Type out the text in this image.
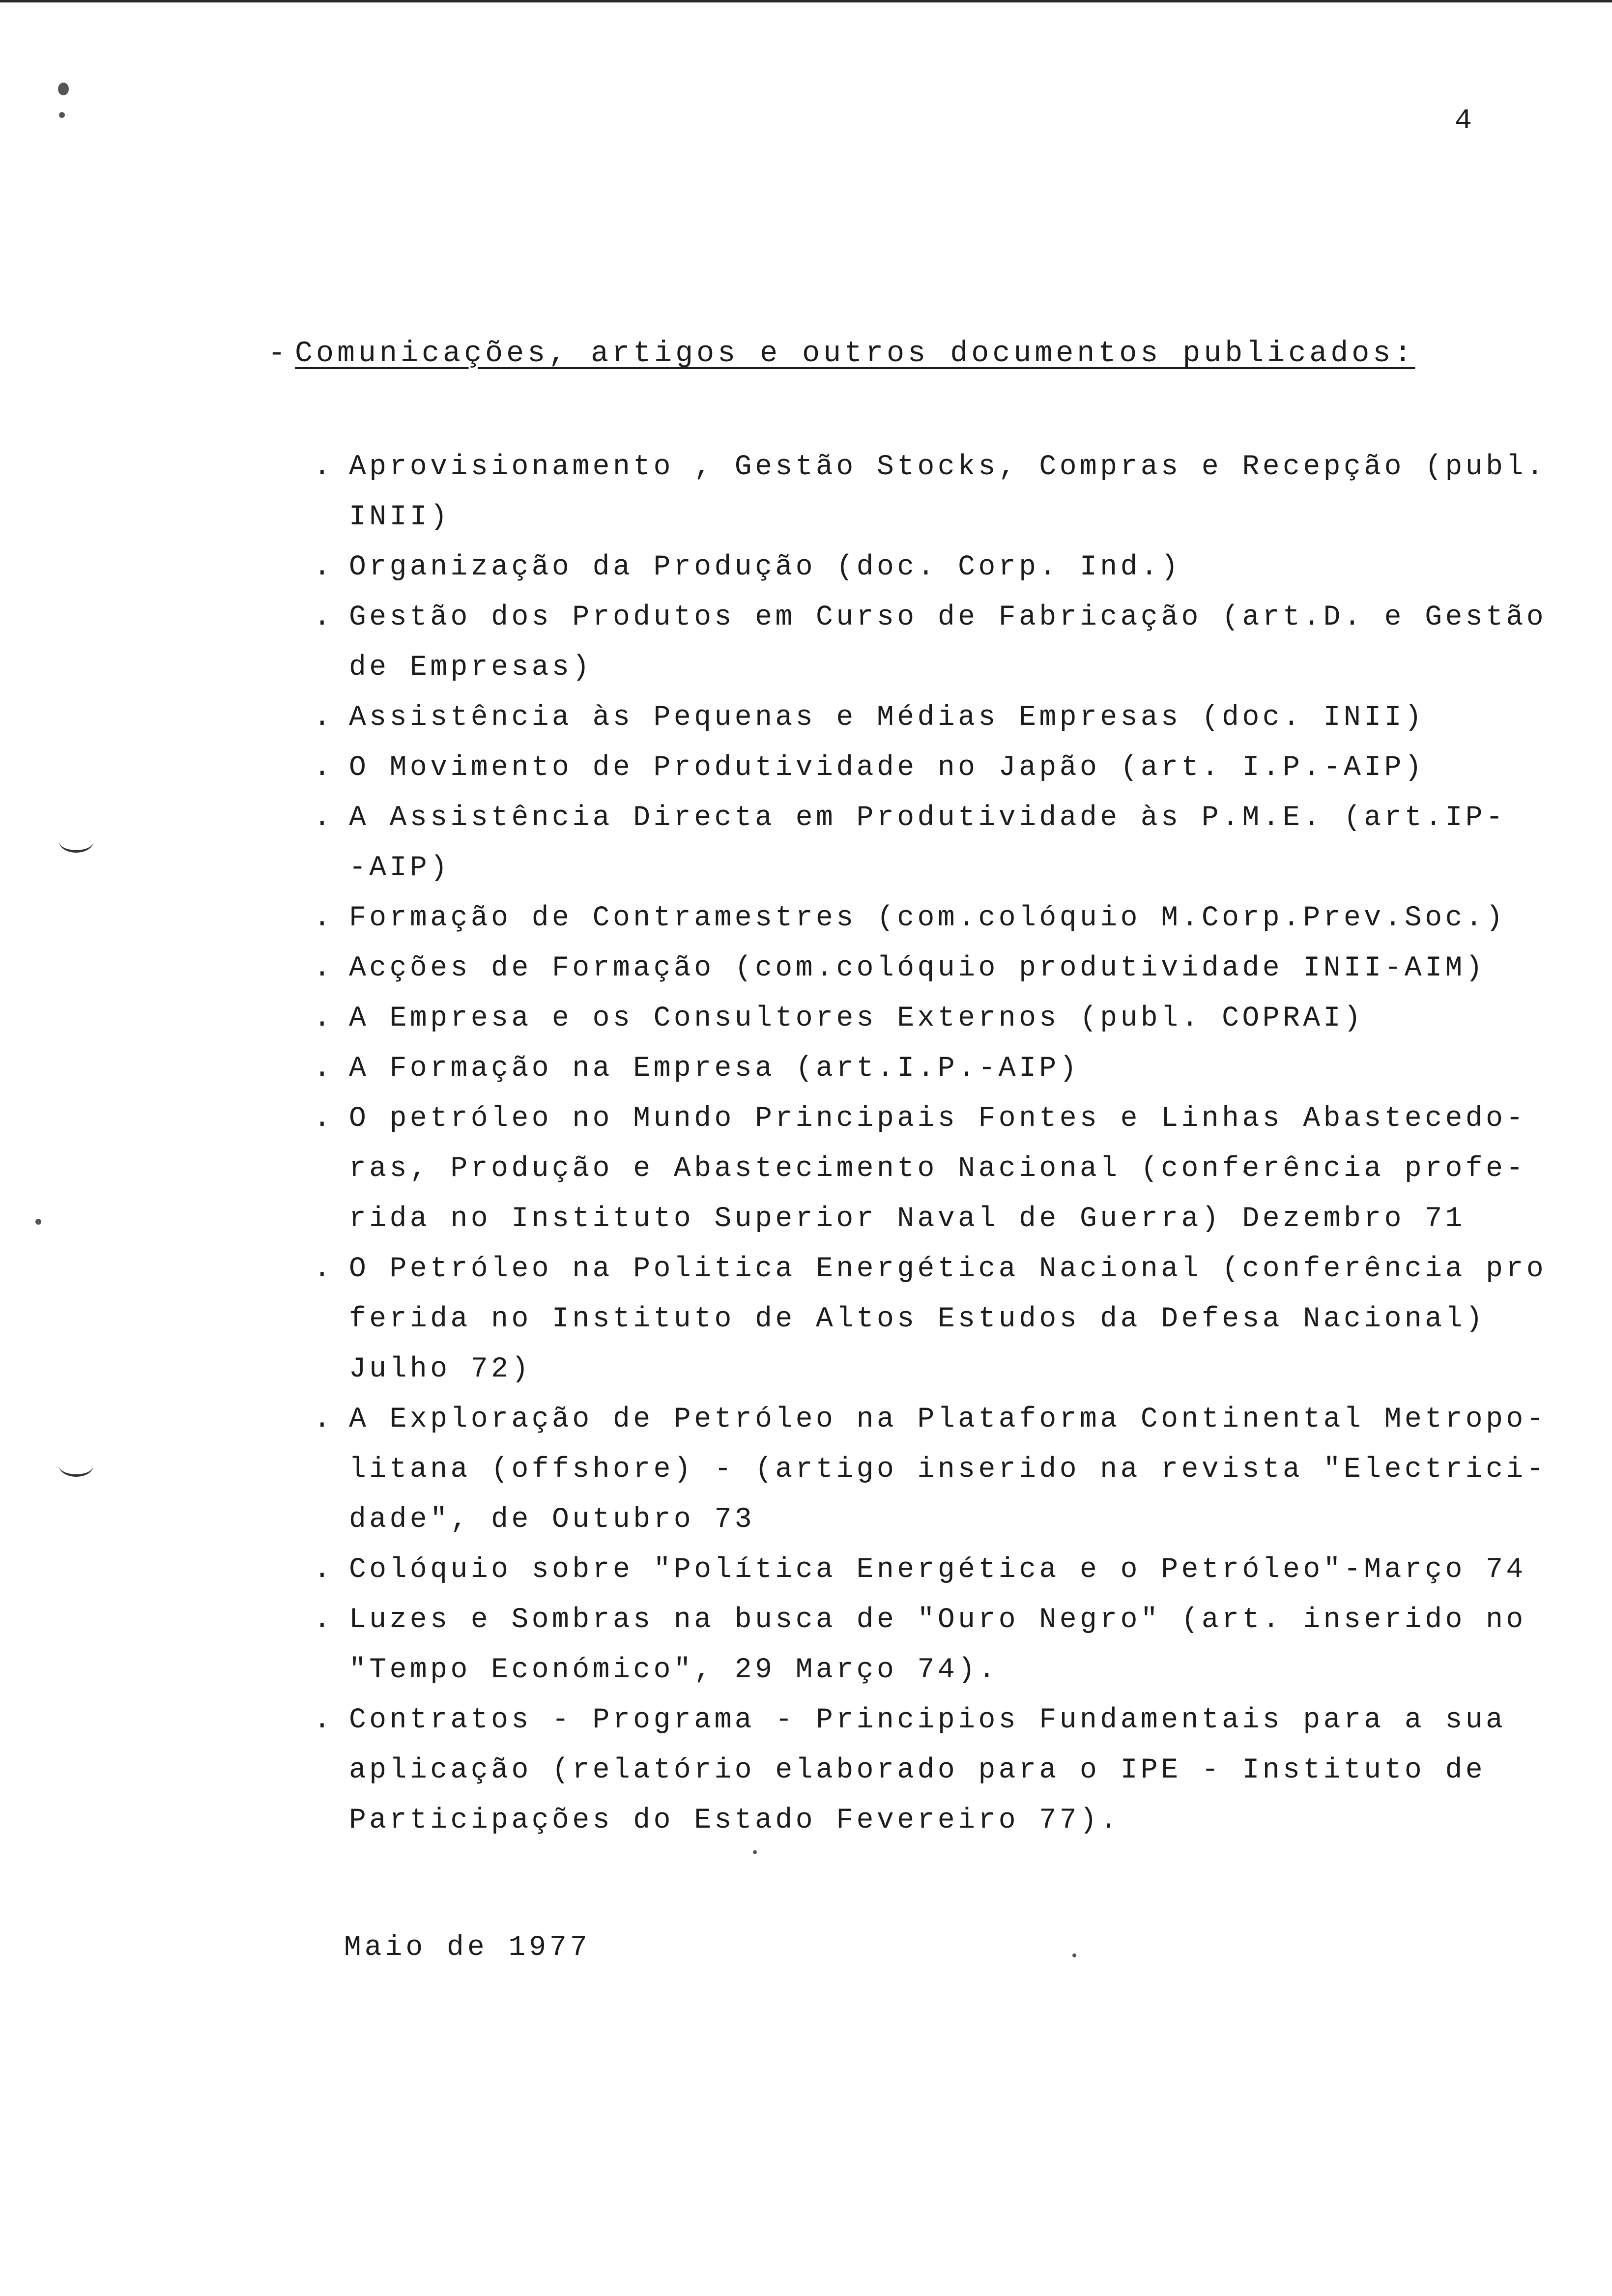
4
- Comunicações, artigos e outros documentos publicados:
. Aprovisionamento , Gestão Stocks, Compras e Recepção (publ.
INII)
. Organização da Produção (doc. Corp. Ind.)
. Gestão dos Produtos em Curso de Fabricação (art.D. e Gestão
de Empresas)
. Assistência às Pequenas e Médias Empresas (doc. INII)
. O Movimento de Produtividade no Japão (art. I.P.-AIP)
. A Assistência Directa em Produtividade às P.M.E. (art.IP-
-AIP)
. Formação de Contramestres (com.colóquio M.Corp.Prev.Soc.)
. Acções de Formação (com.colóquio produtividade INII-AIM)
. A Empresa e os Consultores Externos (publ. COPRAI)
. A Formação na Empresa (art.I.P.-AIP)
. O petróleo no Mundo Principais Fontes e Linhas Abastecedo-
ras, Produção e Abastecimento Nacional (conferência profe-
rida no Instituto Superior Naval de Guerra) Dezembro 71
. O Petróleo na Politica Energética Nacional (conferência pro
ferida no Instituto de Altos Estudos da Defesa Nacional)
Julho 72)
. A Exploração de Petróleo na Plataforma Continental Metropo-
litana (offshore) - (artigo inserido na revista "Electrici-
dade", de Outubro 73
. Colóquio sobre "Política Energética e o Petróleo"-Março 74
. Luzes e Sombras na busca de "Ouro Negro" (art. inserido no
"Tempo Económico", 29 Março 74).
. Contratos - Programa - Principios Fundamentais para a sua
aplicação (relatório elaborado para o IPE - Instituto de
Participações do Estado Fevereiro 77).
Maio de 1977
